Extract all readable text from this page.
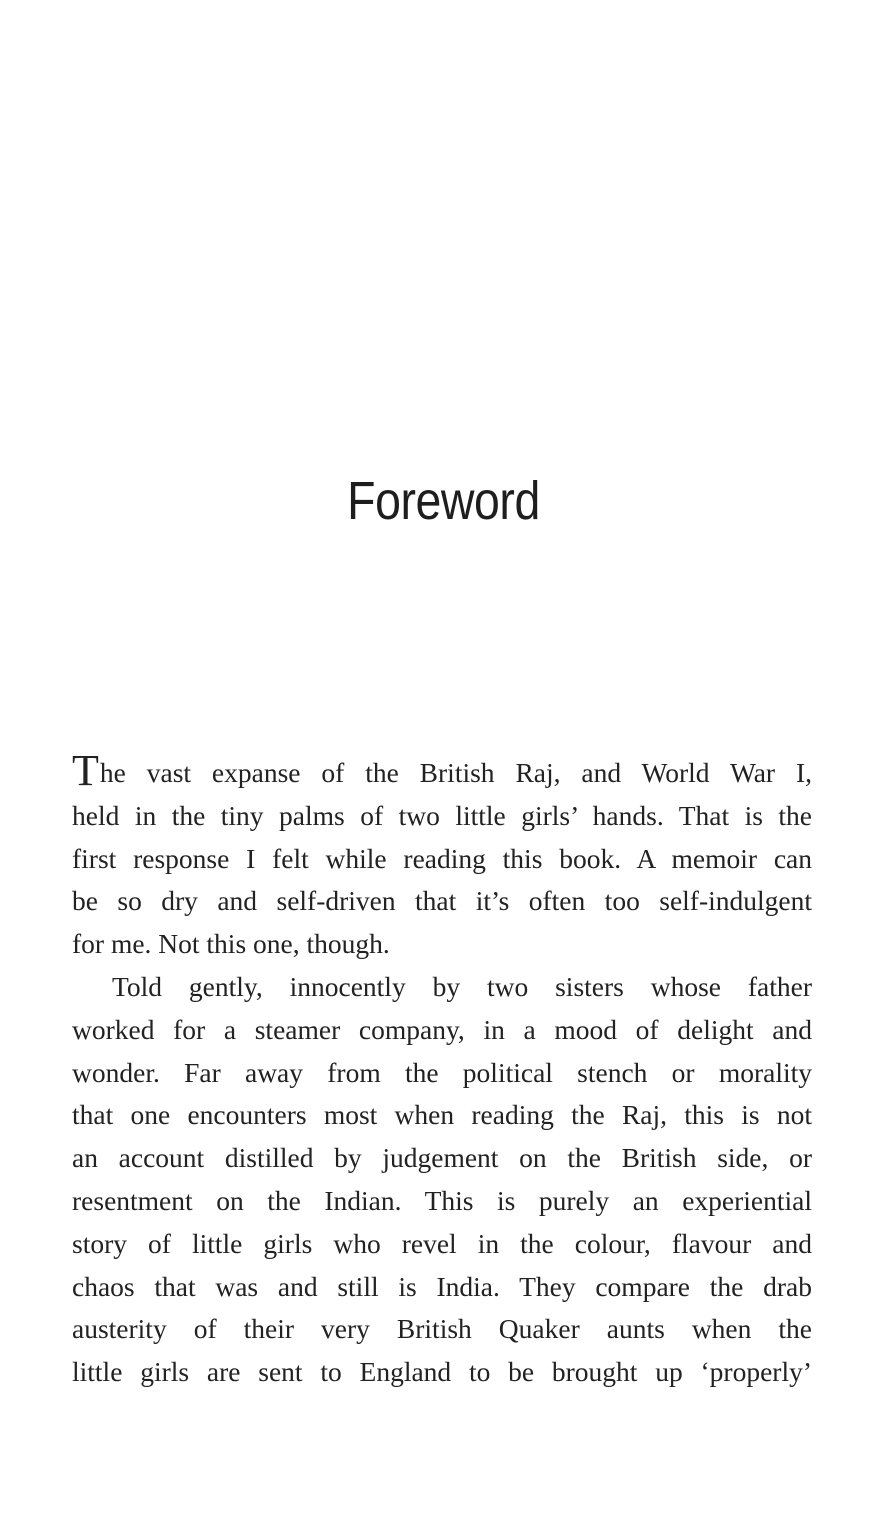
Foreword
The vast expanse of the British Raj, and World War I,
held in the tiny palms of two little girls’ hands. That is the
first response I felt while reading this book. A memoir can
be so dry and self-driven that it’s often too self-indulgent
for me. Not this one, though.
Told gently, innocently by two sisters whose father
worked for a steamer company, in a mood of delight and
wonder. Far away from the political stench or morality
that one encounters most when reading the Raj, this is not
an account distilled by judgement on the British side, or
resentment on the Indian. This is purely an experiential
story of little girls who revel in the colour, flavour and
chaos that was and still is India. They compare the drab
austerity of their very British Quaker aunts when the
little girls are sent to England to be brought up ‘properly’
